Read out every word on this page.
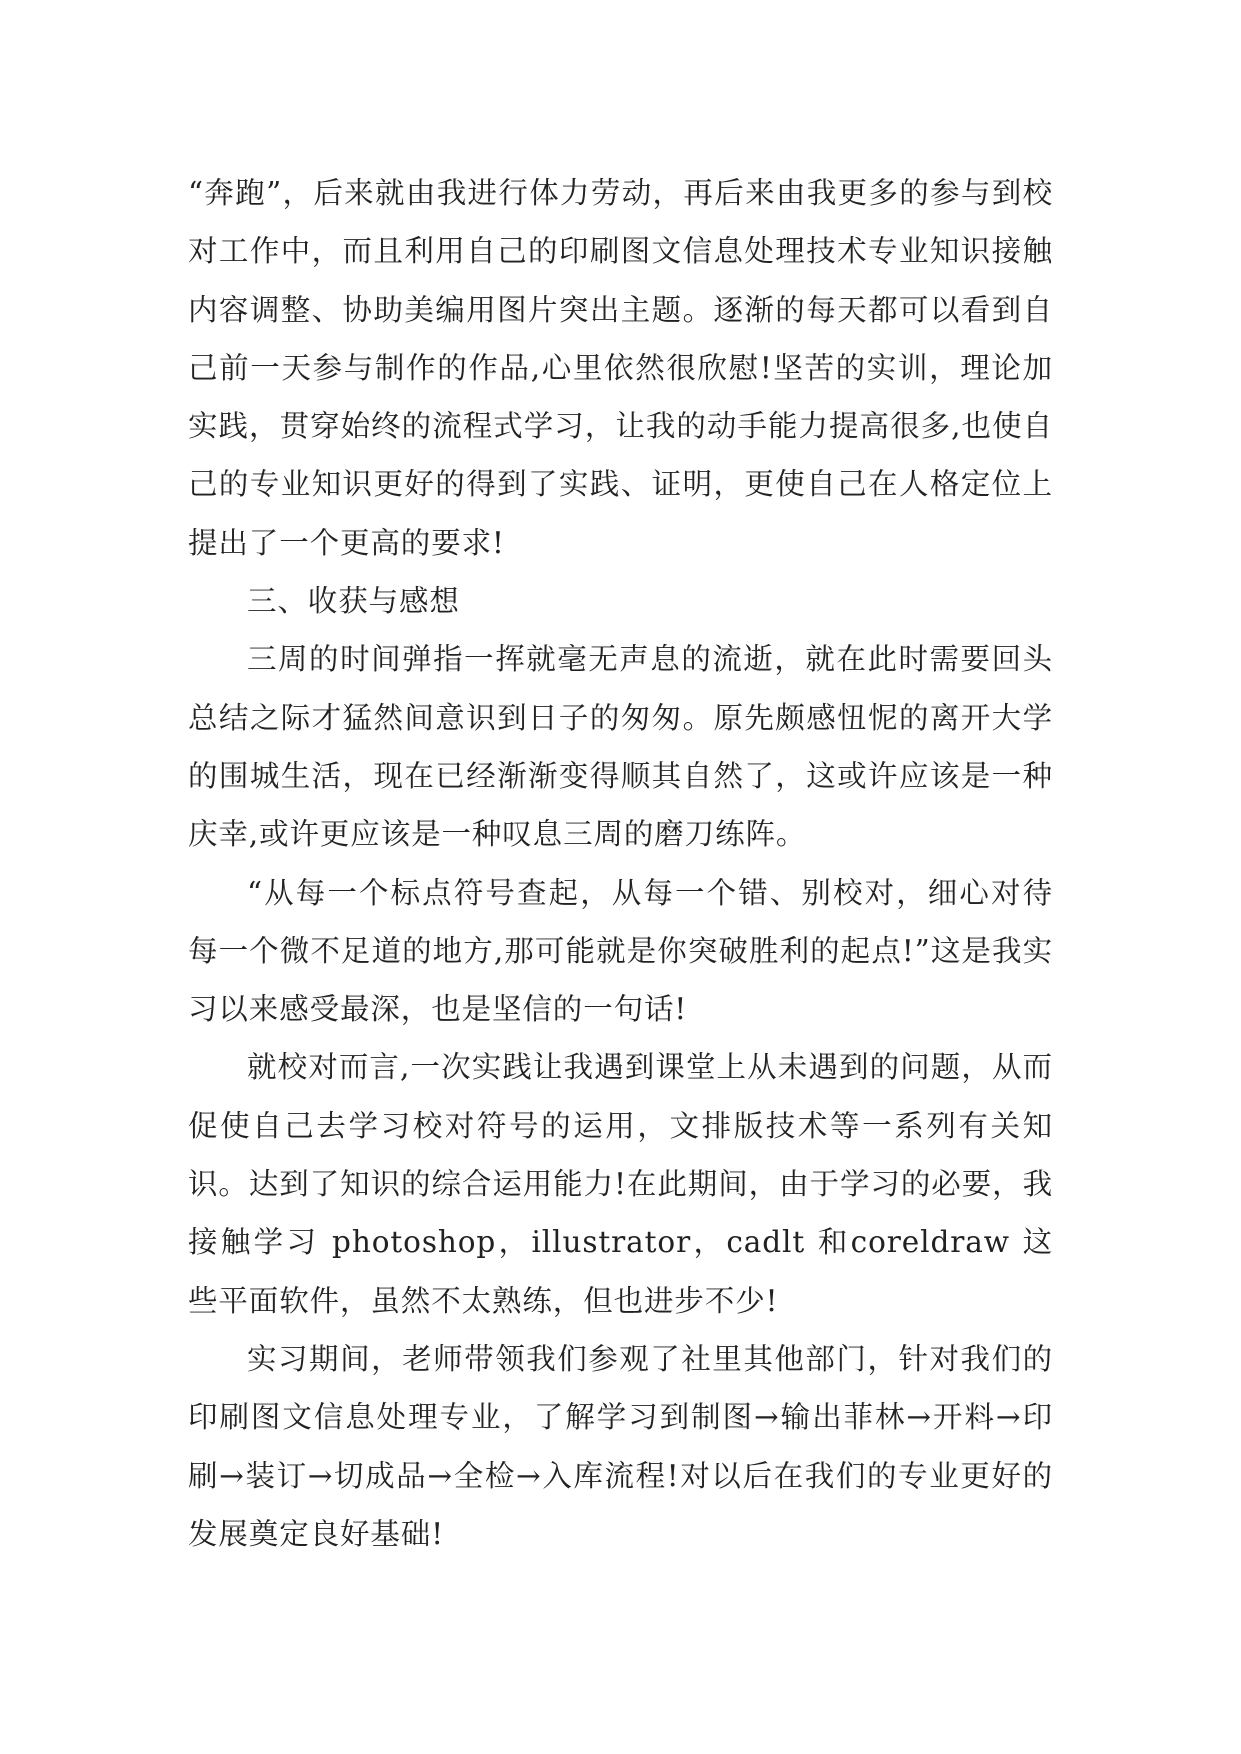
“奔跑”，后来就由我进行体力劳动，再后来由我更多的参与到校对工作中，而且利用自己的印刷图文信息处理技术专业知识接触内容调整、协助美编用图片突出主题。逐渐的每天都可以看到自己前一天参与制作的作品,心里依然很欣慰!坚苦的实训，理论加实践，贯穿始终的流程式学习，让我的动手能力提高很多,也使自己的专业知识更好的得到了实践、证明，更使自己在人格定位上提出了一个更高的要求!

三、收获与感想

三周的时间弹指一挥就毫无声息的流逝，就在此时需要回头总结之际才猛然间意识到日子的匆匆。原先颇感忸怩的离开大学的围城生活，现在已经渐渐变得顺其自然了，这或许应该是一种庆幸,或许更应该是一种叹息三周的磨刀练阵。

“从每一个标点符号查起，从每一个错、别校对，细心对待每一个微不足道的地方,那可能就是你突破胜利的起点!”这是我实习以来感受最深，也是坚信的一句话!

就校对而言,一次实践让我遇到课堂上从未遇到的问题，从而促使自己去学习校对符号的运用，文排版技术等一系列有关知识。达到了知识的综合运用能力!在此期间，由于学习的必要，我接触学习 photoshop，illustrator，cadlt 和coreldraw 这些平面软件，虽然不太熟练，但也进步不少!

实习期间，老师带领我们参观了社里其他部门，针对我们的印刷图文信息处理专业，了解学习到制图→输出菲林→开料→印刷→装订→切成品→全检→入库流程!对以后在我们的专业更好的发展奠定良好基础!
